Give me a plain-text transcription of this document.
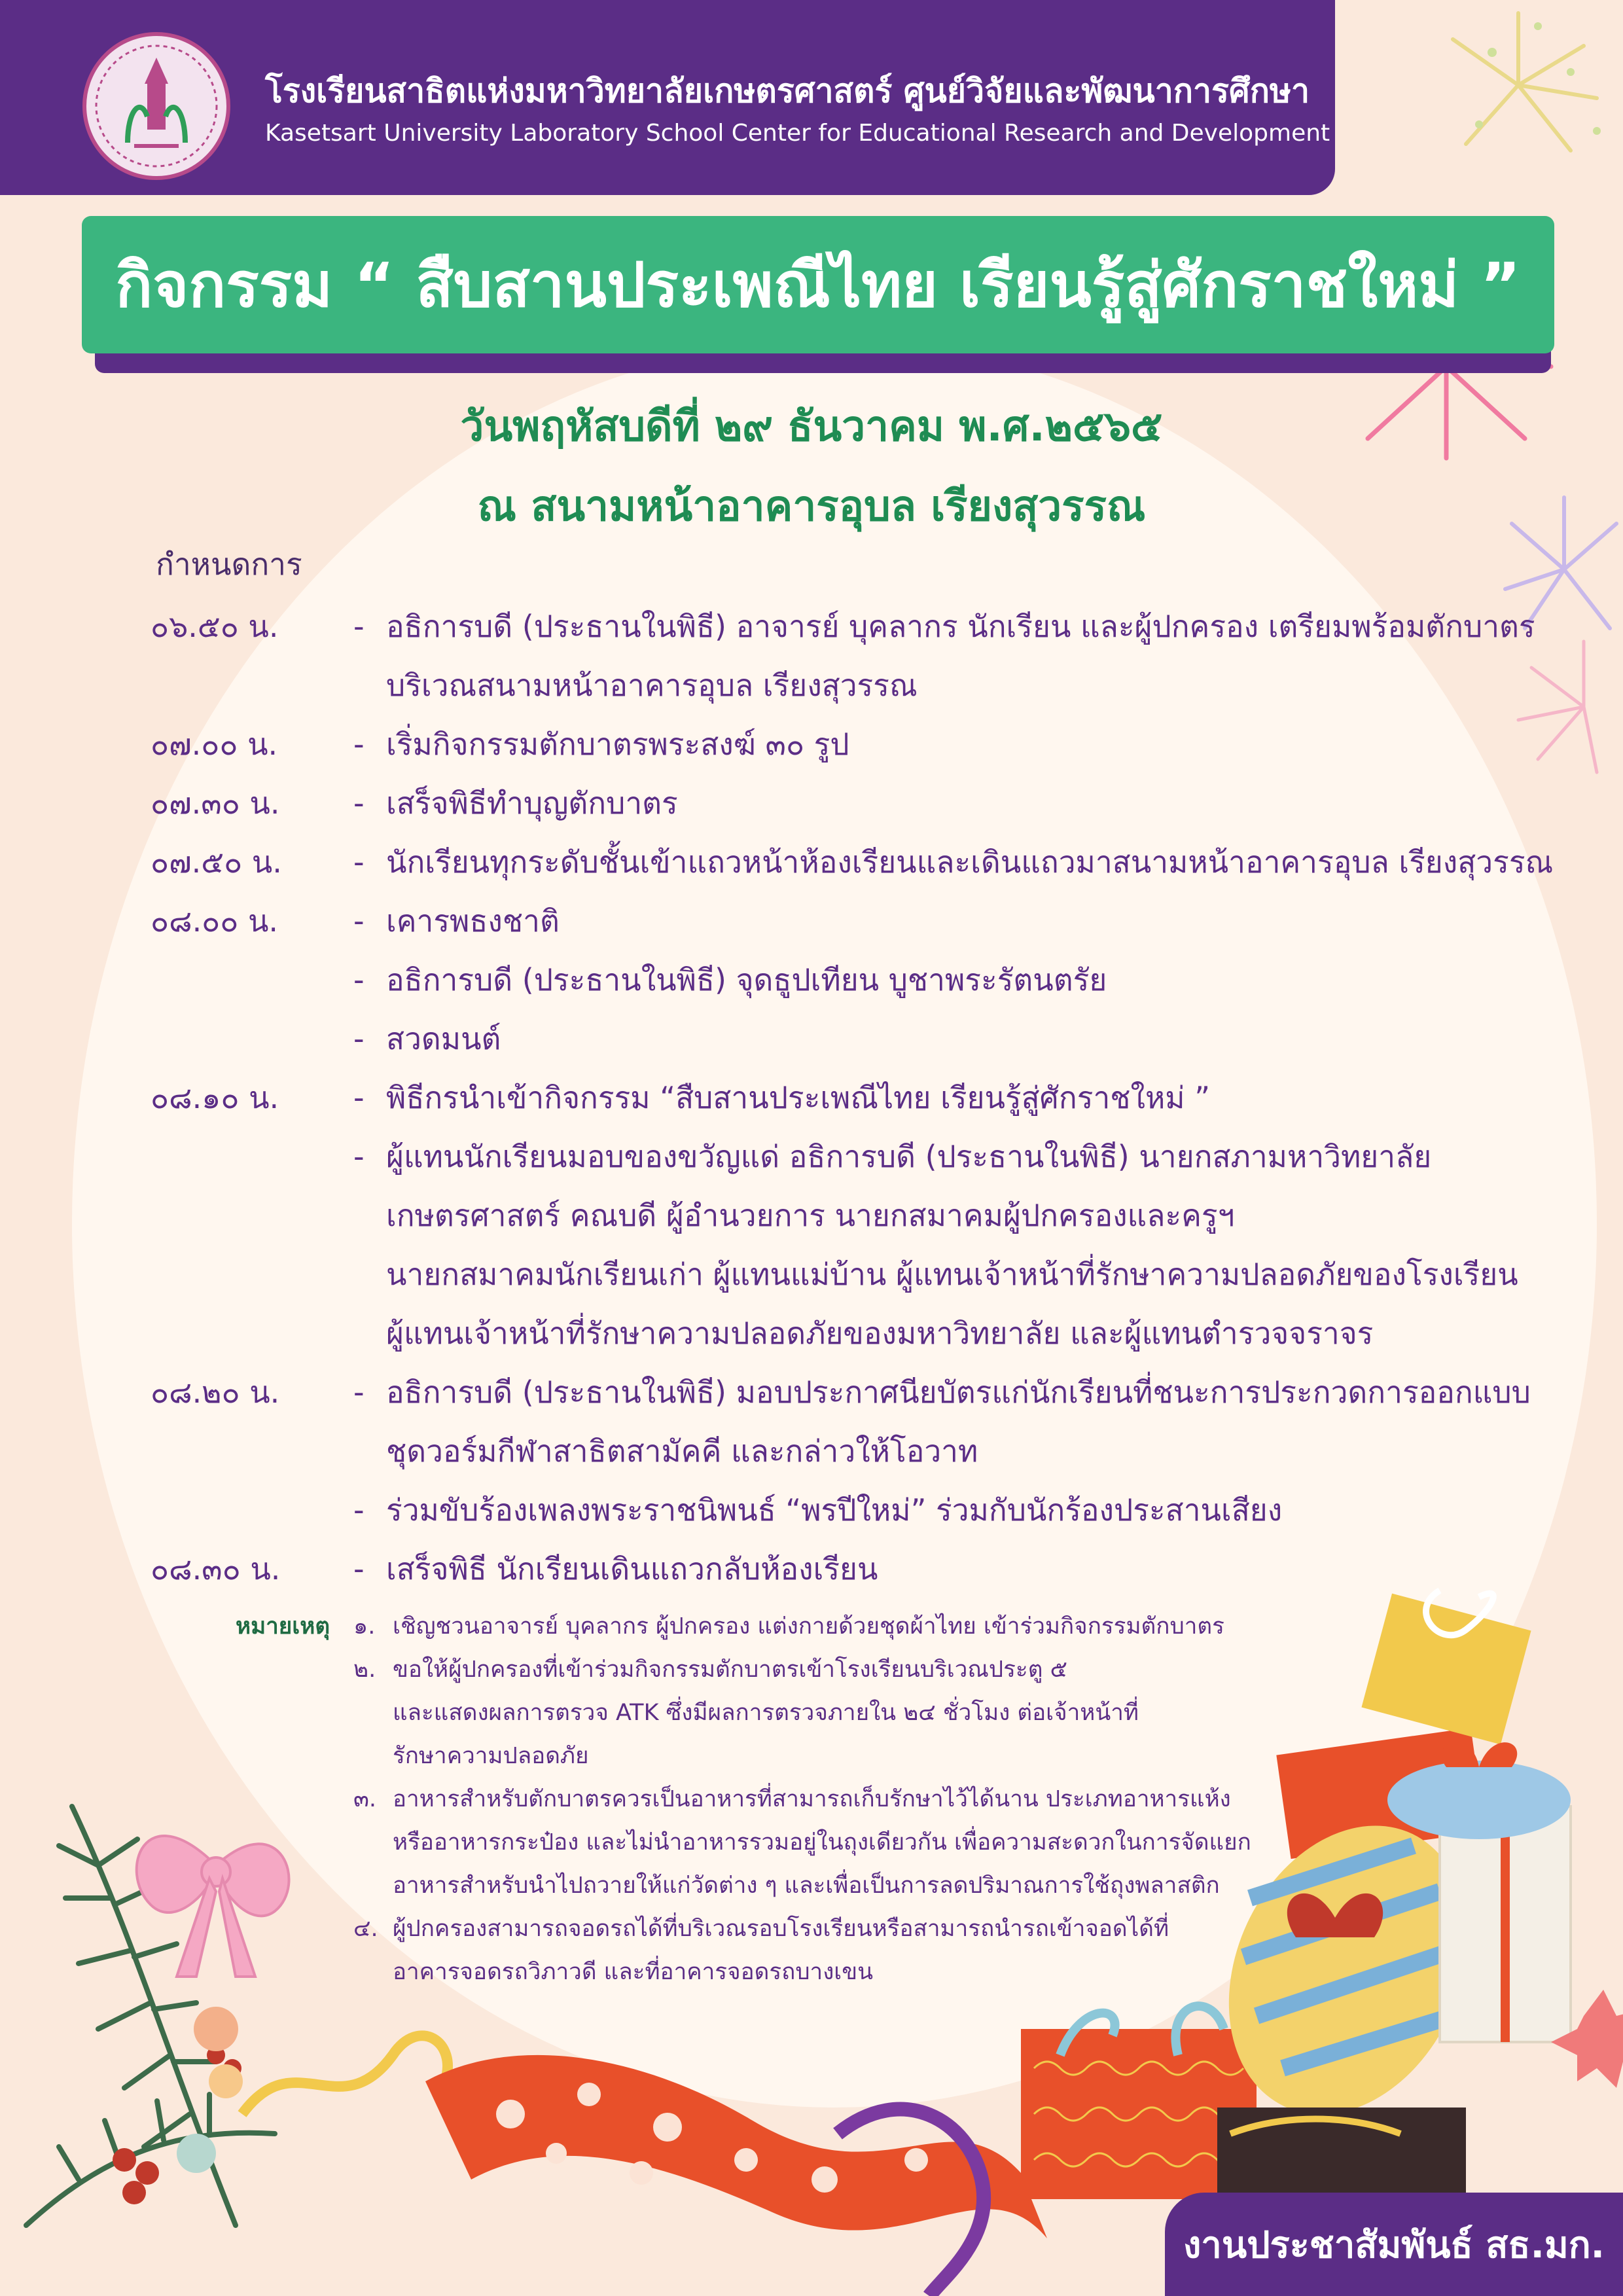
โรงเรียนสาธิตแห่งมหาวิทยาลัยเกษตรศาสตร์ ศูนย์วิจัยและพัฒนาการศึกษา
Kasetsart University Laboratory School Center for Educational Research and Development
กิจกรรม “ สืบสานประเพณีไทย เรียนรู้สู่ศักราชใหม่ ”
วันพฤหัสบดีที่ ๒๙ ธันวาคม พ.ศ.๒๕๖๕
ณ สนามหน้าอาคารอุบล เรียงสุวรรณ
กำหนดการ
๐๖.๕๐ น.	- อธิการบดี (ประธานในพิธี) อาจารย์ บุคลากร นักเรียน และผู้ปกครอง เตรียมพร้อมตักบาตร
บริเวณสนามหน้าอาคารอุบล เรียงสุวรรณ
๐๗.๐๐ น.	- เริ่มกิจกรรมตักบาตรพระสงฆ์ ๓๐ รูป
๐๗.๓๐ น.	- เสร็จพิธีทำบุญตักบาตร
๐๗.๕๐ น.	- นักเรียนทุกระดับชั้นเข้าแถวหน้าห้องเรียนและเดินแถวมาสนามหน้าอาคารอุบล เรียงสุวรรณ
๐๘.๐๐ น.	- เคารพธงชาติ
- อธิการบดี (ประธานในพิธี) จุดธูปเทียน บูชาพระรัตนตรัย
- สวดมนต์
๐๘.๑๐ น.	- พิธีกรนำเข้ากิจกรรม “สืบสานประเพณีไทย เรียนรู้สู่ศักราชใหม่ ”
- ผู้แทนนักเรียนมอบของขวัญแด่ อธิการบดี (ประธานในพิธี) นายกสภามหาวิทยาลัย
เกษตรศาสตร์ คณบดี ผู้อำนวยการ นายกสมาคมผู้ปกครองและครูฯ
นายกสมาคมนักเรียนเก่า ผู้แทนแม่บ้าน ผู้แทนเจ้าหน้าที่รักษาความปลอดภัยของโรงเรียน
ผู้แทนเจ้าหน้าที่รักษาความปลอดภัยของมหาวิทยาลัย และผู้แทนตำรวจจราจร
๐๘.๒๐ น.	- อธิการบดี (ประธานในพิธี) มอบประกาศนียบัตรแก่นักเรียนที่ชนะการประกวดการออกแบบ
ชุดวอร์มกีฬาสาธิตสามัคคี และกล่าวให้โอวาท
- ร่วมขับร้องเพลงพระราชนิพนธ์ “พรปีใหม่” ร่วมกับนักร้องประสานเสียง
๐๘.๓๐ น.	- เสร็จพิธี นักเรียนเดินแถวกลับห้องเรียน
หมายเหตุ	๑. เชิญชวนอาจารย์ บุคลากร ผู้ปกครอง แต่งกายด้วยชุดผ้าไทย เข้าร่วมกิจกรรมตักบาตร
๒. ขอให้ผู้ปกครองที่เข้าร่วมกิจกรรมตักบาตรเข้าโรงเรียนบริเวณประตู ๕
และแสดงผลการตรวจ ATK ซึ่งมีผลการตรวจภายใน ๒๔ ชั่วโมง ต่อเจ้าหน้าที่
รักษาความปลอดภัย
๓. อาหารสำหรับตักบาตรควรเป็นอาหารที่สามารถเก็บรักษาไว้ได้นาน ประเภทอาหารแห้ง
หรืออาหารกระป๋อง และไม่นำอาหารรวมอยู่ในถุงเดียวกัน เพื่อความสะดวกในการจัดแยก
อาหารสำหรับนำไปถวายให้แก่วัดต่าง ๆ และเพื่อเป็นการลดปริมาณการใช้ถุงพลาสติก
๔. ผู้ปกครองสามารถจอดรถได้ที่บริเวณรอบโรงเรียนหรือสามารถนำรถเข้าจอดได้ที่
อาคารจอดรถวิภาวดี และที่อาคารจอดรถบางเขน
งานประชาสัมพันธ์ สธ.มก.
